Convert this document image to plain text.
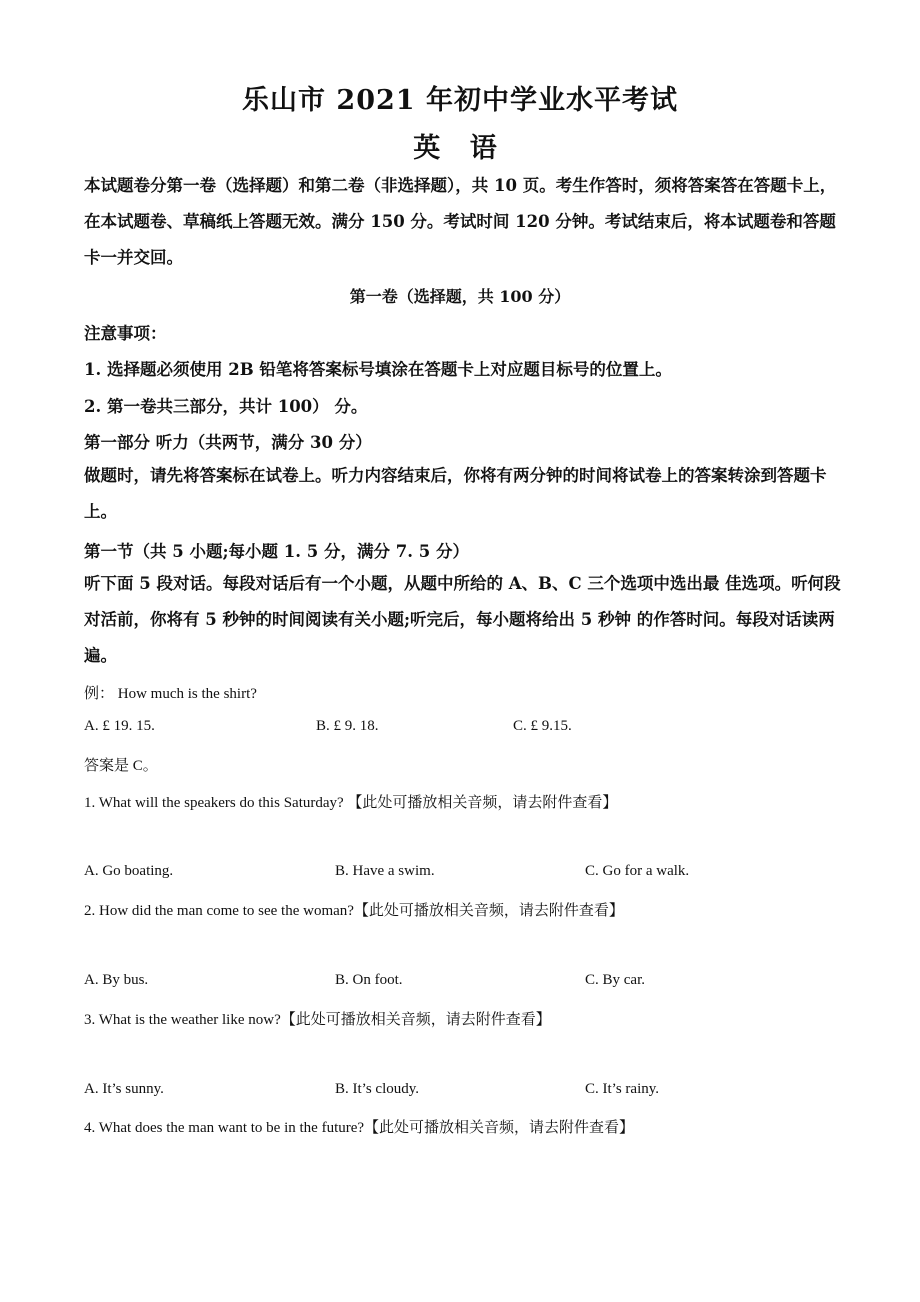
乐山市 2021 年初中学业水平考试
英 语
本试题卷分第一卷（选择题）和第二卷（非选择题），共 10 页。考生作答时，须将答案答在答题卡上，在本试题卷、草稿纸上答题无效。满分 150 分。考试时间 120 分钟。考试结束后，将本试题卷和答题卡一并交回。
第一卷（选择题，共 100 分）
注意事项：
1. 选择题必须使用 2B 铅笔将答案标号填涂在答题卡上对应题目标号的位置上。
2. 第一卷共三部分，共计 100） 分。
第一部分 听力（共两节，满分 30 分）
做题时，请先将答案标在试卷上。听力内容结束后，你将有两分钟的时间将试卷上的答案转涂到答题卡上。
第一节（共 5 小题;每小题 1. 5 分，满分 7. 5 分）
听下面 5 段对话。每段对话后有一个小题，从题中所给的 A、B、C 三个选项中选出最 佳选项。听何段对活前，你将有 5 秒钟的时间阅读有关小题;听完后，每小题将给出 5 秒钟 的作答时问。每段对话读两遍。
例： How much is the shirt?
A. £ 19. 15.	B. £ 9. 18.	C. £ 9.15.
答案是 C。
1. What will the speakers do this Saturday? 【此处可播放相关音频，请去附件查看】
A. Go boating.	B. Have a swim.	C. Go for a walk.
2. How did the man come to see the woman?【此处可播放相关音频，请去附件查看】
A. By bus.	B. On foot.	C. By car.
3. What is the weather like now?【此处可播放相关音频，请去附件查看】
A. It’s sunny.	B. It’s cloudy.	C. It’s rainy.
4. What does the man want to be in the future?【此处可播放相关音频，请去附件查看】
